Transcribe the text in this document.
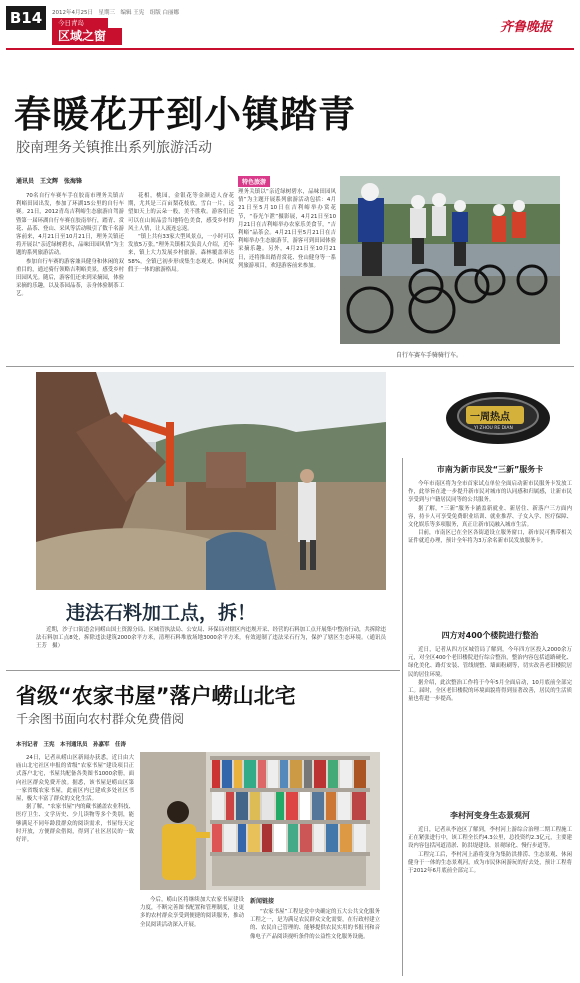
B14	2012年4月25日　星期三　编辑 王宪　组版 白丽娜
今日青岛
区域之窗
齐鲁晚报
春暖花开到小镇踏青
胶南理务关镇推出系列旅游活动
通讯员　王文辉　张海锋

70名自行车赛车手在胶南市理务关镇吉利峪田园出发，参加了环湖15公里的自行车赛。21日，2012青岛吉利峪生态旅游自驾游暨第一届环湖自行车赛在胶南举行，踏青、赏花、品茶、登山、采风等活动吸引了数千名游客前来，4月21日至10月21日，理务关镇还将开展以“亲近绿树碧水，品味田园风情”为主题的系列旅游活动。

参加自行车赛的游客兼具健身和休闲的双重目的，通过骑行领略吉利峪美景，感受乡村田园风光。随后，游客们还来到采摘园，体验采摘的乐趣，以及茶园品茶，亲身体验制茶工艺。

花相，桃园，金银花等金颜适人奋花期，尤其是三百亩梨花枝放，雪白一片，远望如天上的云朵一般，美不胜收。游客们还可以在山间品尝当地特色美食，感受乡村的风土人情，让人流连忘返。

“镇上共有33家大型风景点，一小时可以发放5万张。”理务关镇相关负责人介绍，近年来，镇上大力发展乡村旅游，森林覆盖率达58%，全镇已初步形成集生态观光、休闲度假于一体的旅游格局。

特色旅游
理务关镇以“亲近绿树碧水，品味田园风情”为主题开展系列旅游活动包括：4月21日至5月10日在吉利峪举办赏花节，“春光乍泄”摄影展，4月21日至10月21日在吉利峪举办农家乐美食节，“吉利峪”品茶会。4月21日至5月21日在吉利峪举办生态旅游节，游客可到田园体验采摘乐趣。另外，4月21日至10月21日，还将推出踏青赏花、登山健身等一系列旅游项目，欢迎游客前来参加。
自行车赛车手骑骑行车。
一周热点
YI ZHOU RE DIAN
违法石料加工点，拆！
近期，沙子口街道会同崂山国土资源分局、区城管执法局、公安局、环保局对辖区内违规开采、经营的石料加工点开展集中整治行动，共拆除违法石料加工点8处，拆除违法建筑2000余平方米，清理石料堆放场地3000余平方米，有效遏制了违法采石行为，保护了辖区生态环境。（通讯员　王芳　摄）
省级“农家书屋”落户崂山北宅
千余图书面向农村群众免费借阅
本刊记者　王宪　本刊通讯员　孙嘉军　任涛

24日，记者从崂山区新闻办获悉，近日由大庙山北宅社区申报的省级“农家书屋”建设项目正式落户北宅，书屋共配备各类图书1000余册，面向社区群众免费开放。据悉，该书屋是崂山区第一家省级农家书屋，此前区内已建成多处社区书屋，极大丰富了群众的文化生活。

据了解，“农家书屋”内的藏书涵盖农业科技、医疗卫生、文学历史、少儿读物等多个类别，能够满足不同年龄段群众的阅读需求，书屋每天定时开放，方便群众借阅，得到了社区居民的一致好评。

今后，崂山区将继续加大农家书屋建设力度，不断完善图书配置和管理制度，让更多的农村群众享受到便捷的阅读服务，推动全民阅读活动深入开展。
新闻链接
“农家书屋”工程是党中央确定的五大公共文化服务工程之一，是为满足农民群众文化需要，在行政村建立的、农民自己管理的、能够提供农民实用的书报刊和音像电子产品阅读视听条件的公益性文化服务设施。
市南为新市民发“三新”服务卡

今年市南区将为全市首家试点单位全面启动新市民服务卡发放工作，此举旨在进一步提升新市民对城市的认同感和归属感，让新市民享受到与户籍居民同等的公共服务。

据了解，“三新”服务卡涵盖新就业、新居住、新落户三方面内容，持卡人可享受免费职业培训、就业推荐、子女入学、医疗保障、文化娱乐等多项服务，真正让新市民融入城市生活。

目前，市南区已在全区各街道设立服务窗口，新市民可携带相关证件就近办理，预计全年将为3万余名新市民发放服务卡。

四方对400个楼院进行整治

近日，记者从四方区城管局了解到，今年四方区投入2000余万元，对全区400个老旧楼院进行综合整治，整治内容包括道路硬化、绿化美化、路灯安装、管线规整、墙面粉刷等，切实改善老旧楼院居民的居住环境。

据介绍，此次整治工作将于今年5月全面启动，10月底前全部完工。届时，全区老旧楼院的环境面貌将得到显著改善，居民的生活质量也将进一步提高。

李村河变身生态景观河

近日，记者从李沧区了解到，李村河上游综合治理二期工程施工正在紧张进行中，该工程全长约4.3公里，总投资约2.3亿元，主要建设内容包括河道清淤、防洪堤建设、景观绿化、慢行步道等。

工程完工后，李村河上游将变身为集防洪排涝、生态景观、休闲健身于一体的生态景观河，成为市民休闲游玩的好去处，预计工程将于2012年6月底前全部完工。
